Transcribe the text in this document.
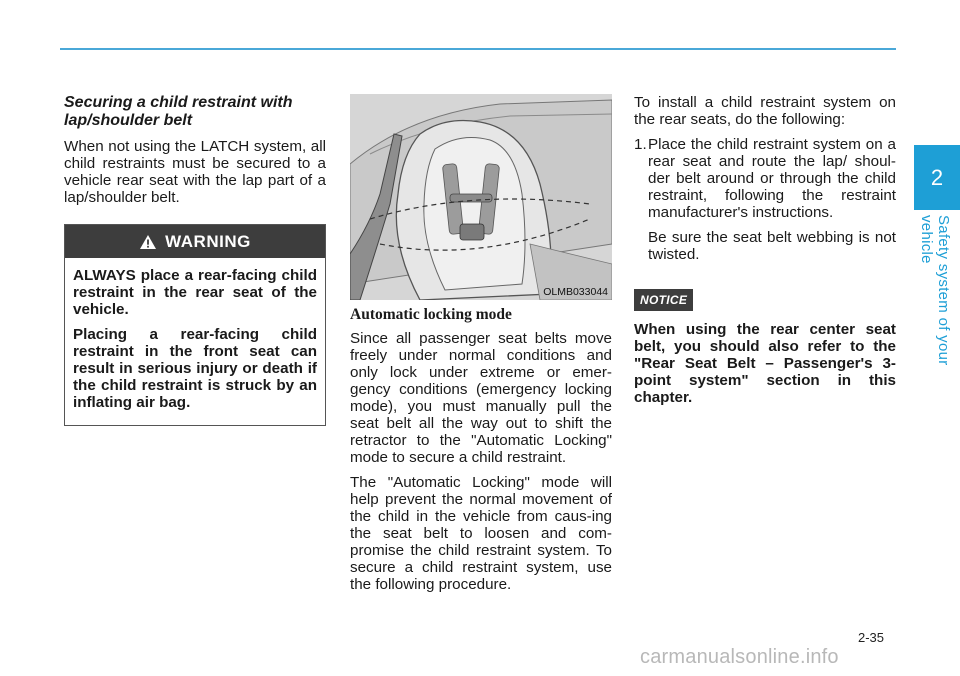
2
Safety system of your vehicle

Securing a child restraint with lap/shoulder belt

When not using the LATCH system, all child restraints must be secured to a vehicle rear seat with the lap part of a lap/shoulder belt.

WARNING

ALWAYS place a rear-facing child restraint in the rear seat of the vehicle.

Placing a rear-facing child restraint in the front seat can result in serious injury or death if the child restraint is struck by an inflating air bag.

OLMB033044

Automatic locking mode

Since all passenger seat belts move freely under normal conditions and only lock under extreme or emer-gency conditions (emergency locking mode), you must manually pull the seat belt all the way out to shift the retractor to the "Automatic Locking" mode to secure a child restraint.

The "Automatic Locking" mode will help prevent the normal movement of the child in the vehicle from caus-ing the seat belt to loosen and com-promise the child restraint system. To secure a child restraint system, use the following procedure.

To install a child restraint system on the rear seats, do the following:

1. Place the child restraint system on a rear seat and route the lap/ shoul-der belt around or through the child restraint, following the restraint manufacturer's instructions.

Be sure the seat belt webbing is not twisted.

NOTICE

When using the rear center seat belt, you should also refer to the "Rear Seat Belt – Passenger's 3-point system" section in this chapter.

2-35
carmanualsonline.info
